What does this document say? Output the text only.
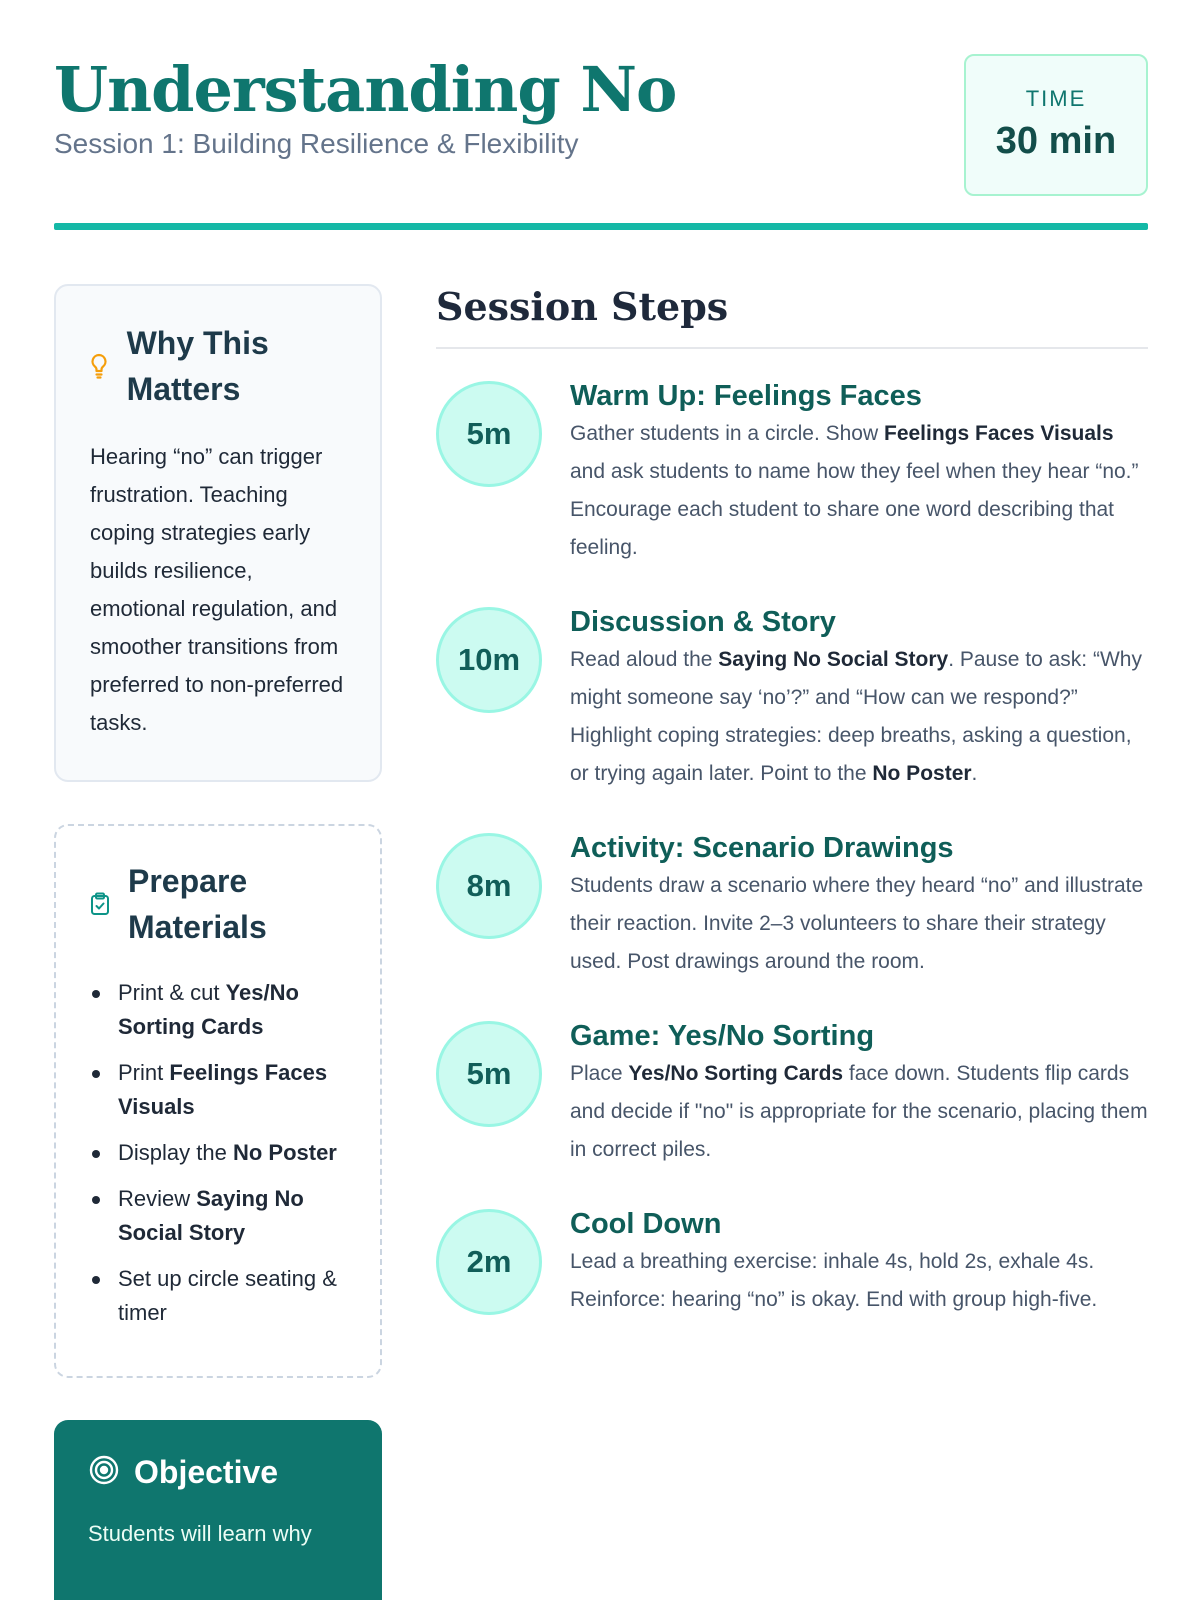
Understanding No
Session 1: Building Resilience & Flexibility
TIME
30 min
Why This Matters

Hearing “no” can trigger frustration. Teaching coping strategies early builds resilience, emotional regulation, and smoother transitions from preferred to non-preferred tasks.

Prepare Materials
Print & cut Yes/No Sorting Cards
Print Feelings Faces Visuals
Display the No Poster
Review Saying No Social Story
Set up circle seating & timer
Objective

Students will learn why

Session Steps
5m
Warm Up: Feelings Faces

Gather students in a circle. Show Feelings Faces Visuals and ask students to name how they feel when they hear “no.” Encourage each student to share one word describing that feeling.

10m
Discussion & Story

Read aloud the Saying No Social Story. Pause to ask: “Why might someone say ‘no’?” and “How can we respond?” Highlight coping strategies: deep breaths, asking a question, or trying again later. Point to the No Poster.

8m
Activity: Scenario Drawings

Students draw a scenario where they heard “no” and illustrate their reaction. Invite 2–3 volunteers to share their strategy used. Post drawings around the room.

5m
Game: Yes/No Sorting

Place Yes/No Sorting Cards face down. Students flip cards and decide if "no" is appropriate for the scenario, placing them in correct piles.

2m
Cool Down

Lead a breathing exercise: inhale 4s, hold 2s, exhale 4s. Reinforce: hearing “no” is okay. End with group high-five.
